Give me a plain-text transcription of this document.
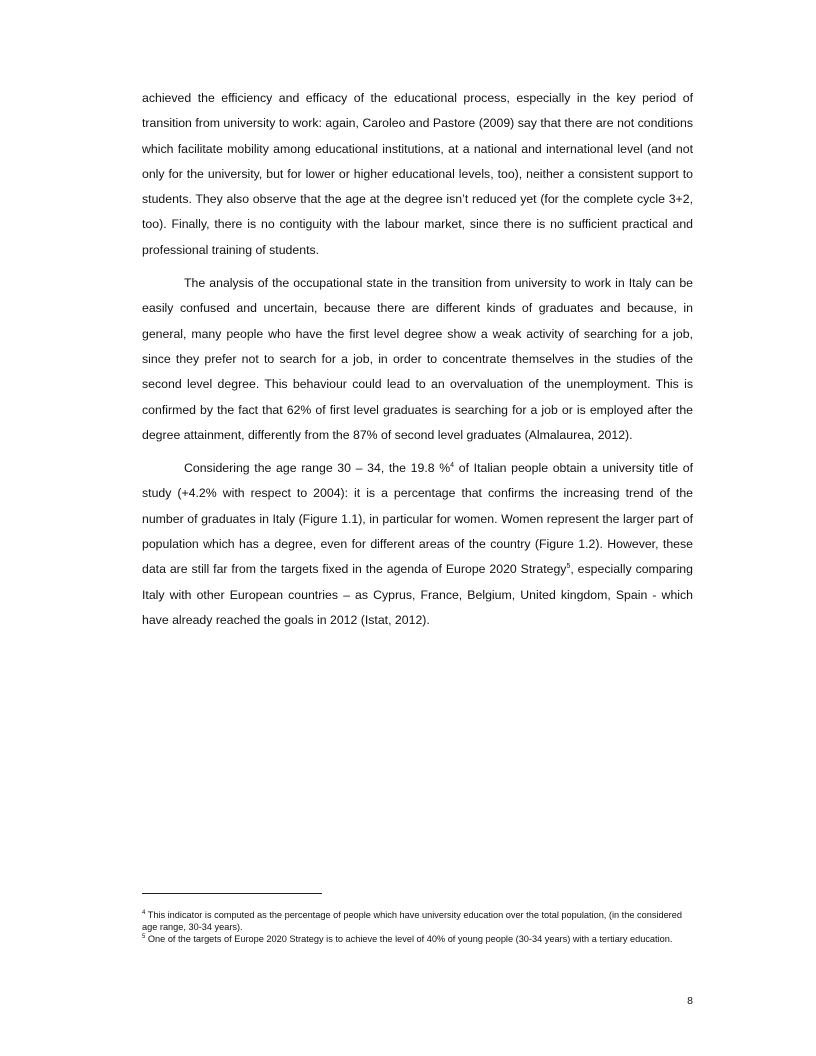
achieved the efficiency and efficacy of the educational process, especially in the key period of transition from university to work: again, Caroleo and Pastore (2009) say that there are not conditions which facilitate mobility among educational institutions, at a national and international level (and not only for the university, but for lower or higher educational levels, too), neither a consistent support to students. They also observe that the age at the degree isn’t reduced yet (for the complete cycle 3+2, too). Finally, there is no contiguity with the labour market, since there is no sufficient practical and professional training of students.

The analysis of the occupational state in the transition from university to work in Italy can be easily confused and uncertain, because there are different kinds of graduates and because, in general, many people who have the first level degree show a weak activity of searching for a job, since they prefer not to search for a job, in order to concentrate themselves in the studies of the second level degree. This behaviour could lead to an overvaluation of the unemployment. This is confirmed by the fact that 62% of first level graduates is searching for a job or is employed after the degree attainment, differently from the 87% of second level graduates (Almalaurea, 2012).

Considering the age range 30 – 34, the 19.8 %$^4$ of Italian people obtain a university title of study (+4.2% with respect to 2004): it is a percentage that confirms the increasing trend of the number of graduates in Italy (Figure 1.1), in particular for women. Women represent the larger part of population which has a degree, even for different areas of the country (Figure 1.2). However, these data are still far from the targets fixed in the agenda of Europe 2020 Strategy$^5$, especially comparing Italy with other European countries – as Cyprus, France, Belgium, United kingdom, Spain - which have already reached the goals in 2012 (Istat, 2012).

$^4$ This indicator is computed as the percentage of people which have university education over the total population, (in the considered age range, 30-34 years).

$^5$ One of the targets of Europe 2020 Strategy is to achieve the level of 40% of young people (30-34 years) with a tertiary education.

8
